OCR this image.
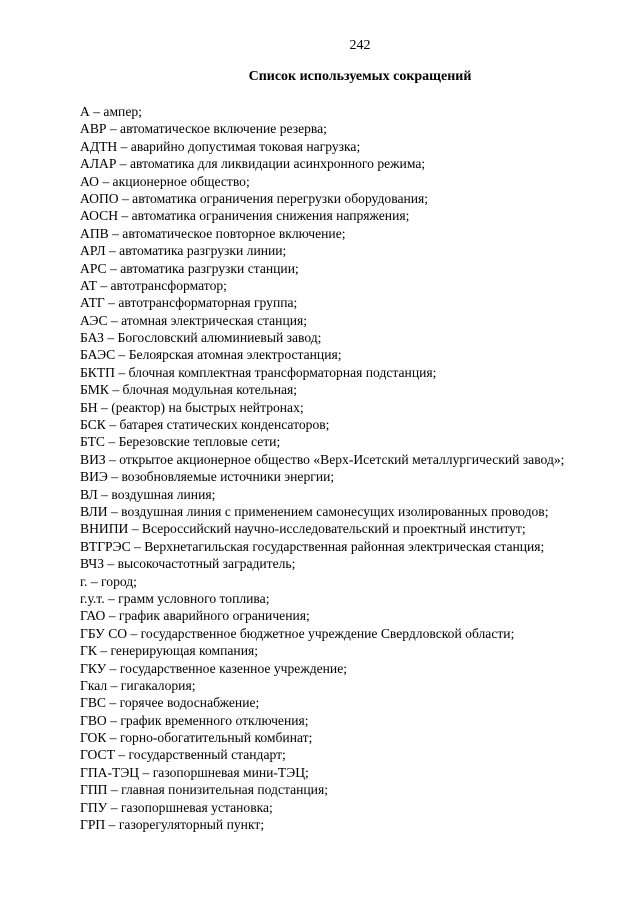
242
Список используемых сокращений
А – ампер;
АВР – автоматическое включение резерва;
АДТН – аварийно допустимая токовая нагрузка;
АЛАР – автоматика для ликвидации асинхронного режима;
АО – акционерное общество;
АОПО – автоматика ограничения перегрузки оборудования;
АОСН – автоматика ограничения снижения напряжения;
АПВ – автоматическое повторное включение;
АРЛ – автоматика разгрузки линии;
АРС – автоматика разгрузки станции;
АТ – автотрансформатор;
АТГ – автотрансформаторная группа;
АЭС – атомная электрическая станция;
БАЗ – Богословский алюминиевый завод;
БАЭС – Белоярская атомная электростанция;
БКТП – блочная комплектная трансформаторная подстанция;
БМК – блочная модульная котельная;
БН – (реактор) на быстрых нейтронах;
БСК – батарея статических конденсаторов;
БТС – Березовские тепловые сети;
ВИЗ – открытое акционерное общество «Верх-Исетский металлургический завод»;
ВИЭ – возобновляемые источники энергии;
ВЛ – воздушная линия;
ВЛИ – воздушная линия с применением самонесущих изолированных проводов;
ВНИПИ – Всероссийский научно-исследовательский и проектный институт;
ВТГРЭС – Верхнетагильская государственная районная электрическая станция;
ВЧЗ – высокочастотный заградитель;
г. – город;
г.у.т. – грамм условного топлива;
ГАО – график аварийного ограничения;
ГБУ СО – государственное бюджетное учреждение Свердловской области;
ГК – генерирующая компания;
ГКУ – государственное казенное учреждение;
Гкал – гигакалория;
ГВС – горячее водоснабжение;
ГВО – график временного отключения;
ГОК – горно-обогатительный комбинат;
ГОСТ – государственный стандарт;
ГПА-ТЭЦ – газопоршневая мини-ТЭЦ;
ГПП – главная понизительная подстанция;
ГПУ – газопоршневая установка;
ГРП – газорегуляторный пункт;
